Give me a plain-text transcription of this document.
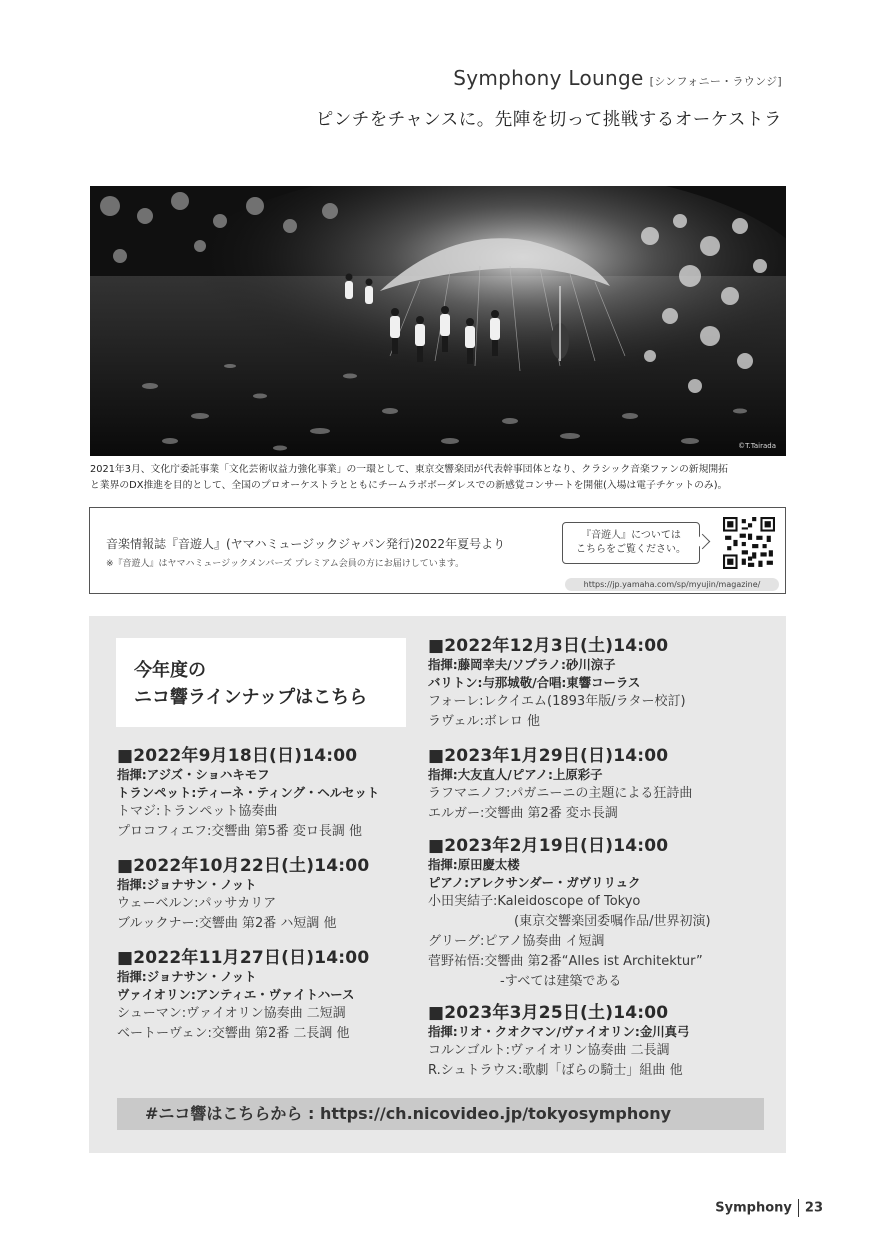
Symphony Lounge [シンフォニー・ラウンジ]
ピンチをチャンスに。先陣を切って挑戦するオーケストラ
©T.Tairada
2021年3月、文化庁委託事業「文化芸術収益力強化事業」の一環として、東京交響楽団が代表幹事団体となり、クラシック音楽ファンの新規開拓
と業界のDX推進を目的として、全国のプロオーケストラとともにチームラボボーダレスでの新感覚コンサートを開催(入場は電子チケットのみ)。
音楽情報誌『音遊人』(ヤマハミュージックジャパン発行)2022年夏号より
※『音遊人』はヤマハミュージックメンバーズ プレミアム会員の方にお届けしています。
『音遊人』については
こちらをご覧ください。
https://jp.yamaha.com/sp/myujin/magazine/
今年度の
ニコ響ラインナップはこちら
■2022年9月18日(日)14:00
指揮:アジズ・ショハキモフ
トランペット:ティーネ・ティング・ヘルセット
トマジ:トランペット協奏曲
プロコフィエフ:交響曲 第5番 変ロ長調 他
■2022年10月22日(土)14:00
指揮:ジョナサン・ノット
ウェーベルン:パッサカリア
ブルックナー:交響曲 第2番 ハ短調 他
■2022年11月27日(日)14:00
指揮:ジョナサン・ノット
ヴァイオリン:アンティエ・ヴァイトハース
シューマン:ヴァイオリン協奏曲 二短調
ベートーヴェン:交響曲 第2番 二長調 他
■2022年12月3日(土)14:00
指揮:藤岡幸夫/ソプラノ:砂川涼子
バリトン:与那城敬/合唱:東響コーラス
フォーレ:レクイエム(1893年版/ラター校訂)
ラヴェル:ボレロ 他
■2023年1月29日(日)14:00
指揮:大友直人/ピアノ:上原彩子
ラフマニノフ:パガニーニの主題による狂詩曲
エルガー:交響曲 第2番 変ホ長調
■2023年2月19日(日)14:00
指揮:原田慶太楼
ピアノ:アレクサンダー・ガヴリリュク
小田実結子:Kaleidoscope of Tokyo
(東京交響楽団委嘱作品/世界初演)
グリーグ:ピアノ協奏曲 イ短調
菅野祐悟:交響曲 第2番“Alles ist Architektur”
-すべては建築である
■2023年3月25日(土)14:00
指揮:リオ・クオクマン/ヴァイオリン:金川真弓
コルンゴルト:ヴァイオリン協奏曲 二長調
R.シュトラウス:歌劇「ばらの騎士」組曲 他
#ニコ響はこちらから : https://ch.nicovideo.jp/tokyosymphony
Symphony 23
